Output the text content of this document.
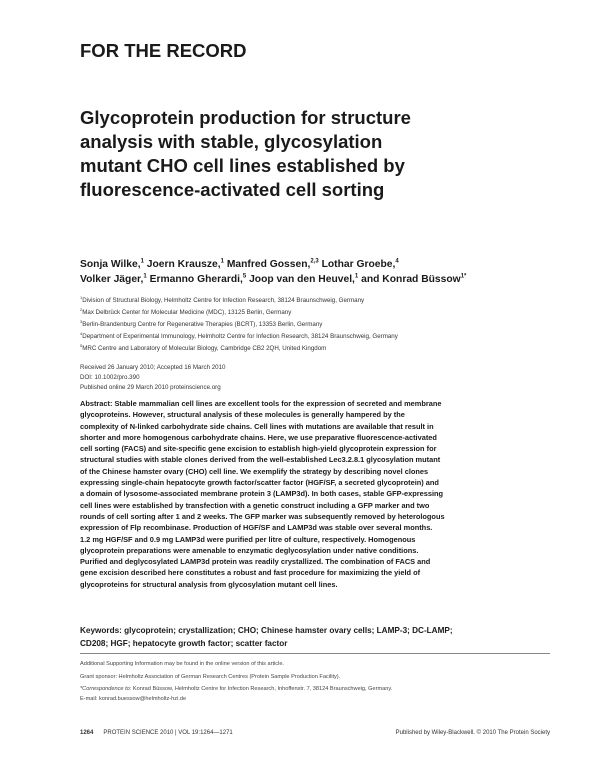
FOR THE RECORD
Glycoprotein production for structure
analysis with stable, glycosylation
mutant CHO cell lines established by
fluorescence-activated cell sorting
Sonja Wilke,$^1$ Joern Krausze,$^1$ Manfred Gossen,$^{2,3}$ Lothar Groebe,$^4$
Volker Jäger,$^1$ Ermanno Gherardi,$^5$ Joop van den Heuvel,$^1$ and Konrad Büssow$^{1*}$
$^1$Division of Structural Biology, Helmholtz Centre for Infection Research, 38124 Braunschweig, Germany
$^2$Max Delbrück Center for Molecular Medicine (MDC), 13125 Berlin, Germany
$^3$Berlin-Brandenburg Centre for Regenerative Therapies (BCRT), 13353 Berlin, Germany
$^4$Department of Experimental Immunology, Helmholtz Centre for Infection Research, 38124 Braunschweig, Germany
$^5$MRC Centre and Laboratory of Molecular Biology, Cambridge CB2 2QH, United Kingdom
Received 26 January 2010; Accepted 16 March 2010
DOI: 10.1002/pro.390
Published online 29 March 2010 proteinscience.org
Abstract: Stable mammalian cell lines are excellent tools for the expression of secreted and membrane
glycoproteins. However, structural analysis of these molecules is generally hampered by the
complexity of N-linked carbohydrate side chains. Cell lines with mutations are available that result in
shorter and more homogenous carbohydrate chains. Here, we use preparative fluorescence-activated
cell sorting (FACS) and site-specific gene excision to establish high-yield glycoprotein expression for
structural studies with stable clones derived from the well-established Lec3.2.8.1 glycosylation mutant
of the Chinese hamster ovary (CHO) cell line. We exemplify the strategy by describing novel clones
expressing single-chain hepatocyte growth factor/scatter factor (HGF/SF, a secreted glycoprotein) and
a domain of lysosome-associated membrane protein 3 (LAMP3d). In both cases, stable GFP-expressing
cell lines were established by transfection with a genetic construct including a GFP marker and two
rounds of cell sorting after 1 and 2 weeks. The GFP marker was subsequently removed by heterologous
expression of Flp recombinase. Production of HGF/SF and LAMP3d was stable over several months.
1.2 mg HGF/SF and 0.9 mg LAMP3d were purified per litre of culture, respectively. Homogenous
glycoprotein preparations were amenable to enzymatic deglycosylation under native conditions.
Purified and deglycosylated LAMP3d protein was readily crystallized. The combination of FACS and
gene excision described here constitutes a robust and fast procedure for maximizing the yield of
glycoproteins for structural analysis from glycosylation mutant cell lines.
Keywords: glycoprotein; crystallization; CHO; Chinese hamster ovary cells; LAMP-3; DC-LAMP;
CD208; HGF; hepatocyte growth factor; scatter factor
Additional Supporting Information may be found in the online version of this article.
Grant sponsor: Helmholtz Association of German Research Centres (Protein Sample Production Facility).
*Correspondence to: Konrad Büssow, Helmholtz Centre for Infection Research, Inhoffenstr. 7, 38124 Braunschweig, Germany.
E-mail: konrad.buessow@helmholtz-hzi.de
1264 PROTEIN SCIENCE 2010 | VOL 19:1264—1271	Published by Wiley-Blackwell. © 2010 The Protein Society
